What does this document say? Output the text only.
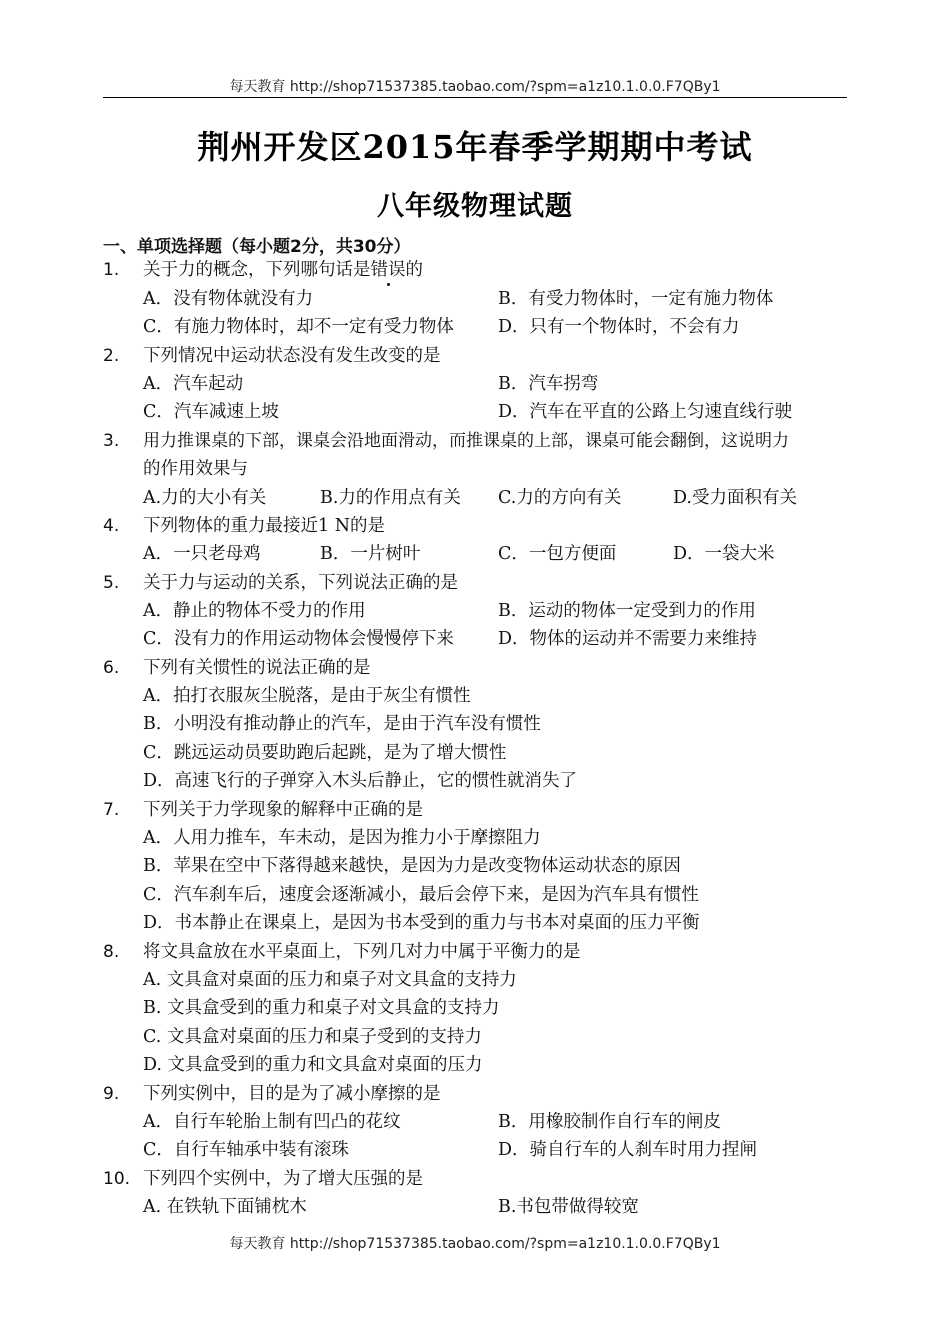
每天教育 http://shop71537385.taobao.com/?spm=a1z10.1.0.0.F7QBy1
荆州开发区2015年春季学期期中考试
八年级物理试题
一、单项选择题（每小题2分，共30分）
1. 关于力的概念，下列哪句话是错误的
A．没有物体就没有力	B．有受力物体时，一定有施力物体
C．有施力物体时，却不一定有受力物体	D．只有一个物体时，不会有力
2. 下列情况中运动状态没有发生改变的是
A．汽车起动	B．汽车拐弯
C．汽车减速上坡	D．汽车在平直的公路上匀速直线行驶
3. 用力推课桌的下部，课桌会沿地面滑动，而推课桌的上部，课桌可能会翻倒，这说明力
的作用效果与
A.力的大小有关	B.力的作用点有关 C.力的方向有关	D.受力面积有关
4. 下列物体的重力最接近1 N的是
A．一只老母鸡	B．一片树叶	C．一包方便面	D．一袋大米
5. 关于力与运动的关系，下列说法正确的是
A．静止的物体不受力的作用	B．运动的物体一定受到力的作用
C．没有力的作用运动物体会慢慢停下来	D．物体的运动并不需要力来维持
6. 下列有关惯性的说法正确的是
A．拍打衣服灰尘脱落，是由于灰尘有惯性
B．小明没有推动静止的汽车，是由于汽车没有惯性
C．跳远运动员要助跑后起跳，是为了增大惯性
D．高速飞行的子弹穿入木头后静止，它的惯性就消失了
7. 下列关于力学现象的解释中正确的是
A．人用力推车，车未动，是因为推力小于摩擦阻力
B．苹果在空中下落得越来越快，是因为力是改变物体运动状态的原因
C．汽车刹车后，速度会逐渐减小，最后会停下来，是因为汽车具有惯性
D．书本静止在课桌上，是因为书本受到的重力与书本对桌面的压力平衡
8. 将文具盒放在水平桌面上，下列几对力中属于平衡力的是
A. 文具盒对桌面的压力和桌子对文具盒的支持力
B. 文具盒受到的重力和桌子对文具盒的支持力
C. 文具盒对桌面的压力和桌子受到的支持力
D. 文具盒受到的重力和文具盒对桌面的压力
9. 下列实例中，目的是为了减小摩擦的是
A．自行车轮胎上制有凹凸的花纹	B．用橡胶制作自行车的闸皮
C．自行车轴承中装有滚珠	D．骑自行车的人刹车时用力捏闸
10. 下列四个实例中，为了增大压强的是
A. 在铁轨下面铺枕木	B.书包带做得较宽
每天教育 http://shop71537385.taobao.com/?spm=a1z10.1.0.0.F7QBy1
